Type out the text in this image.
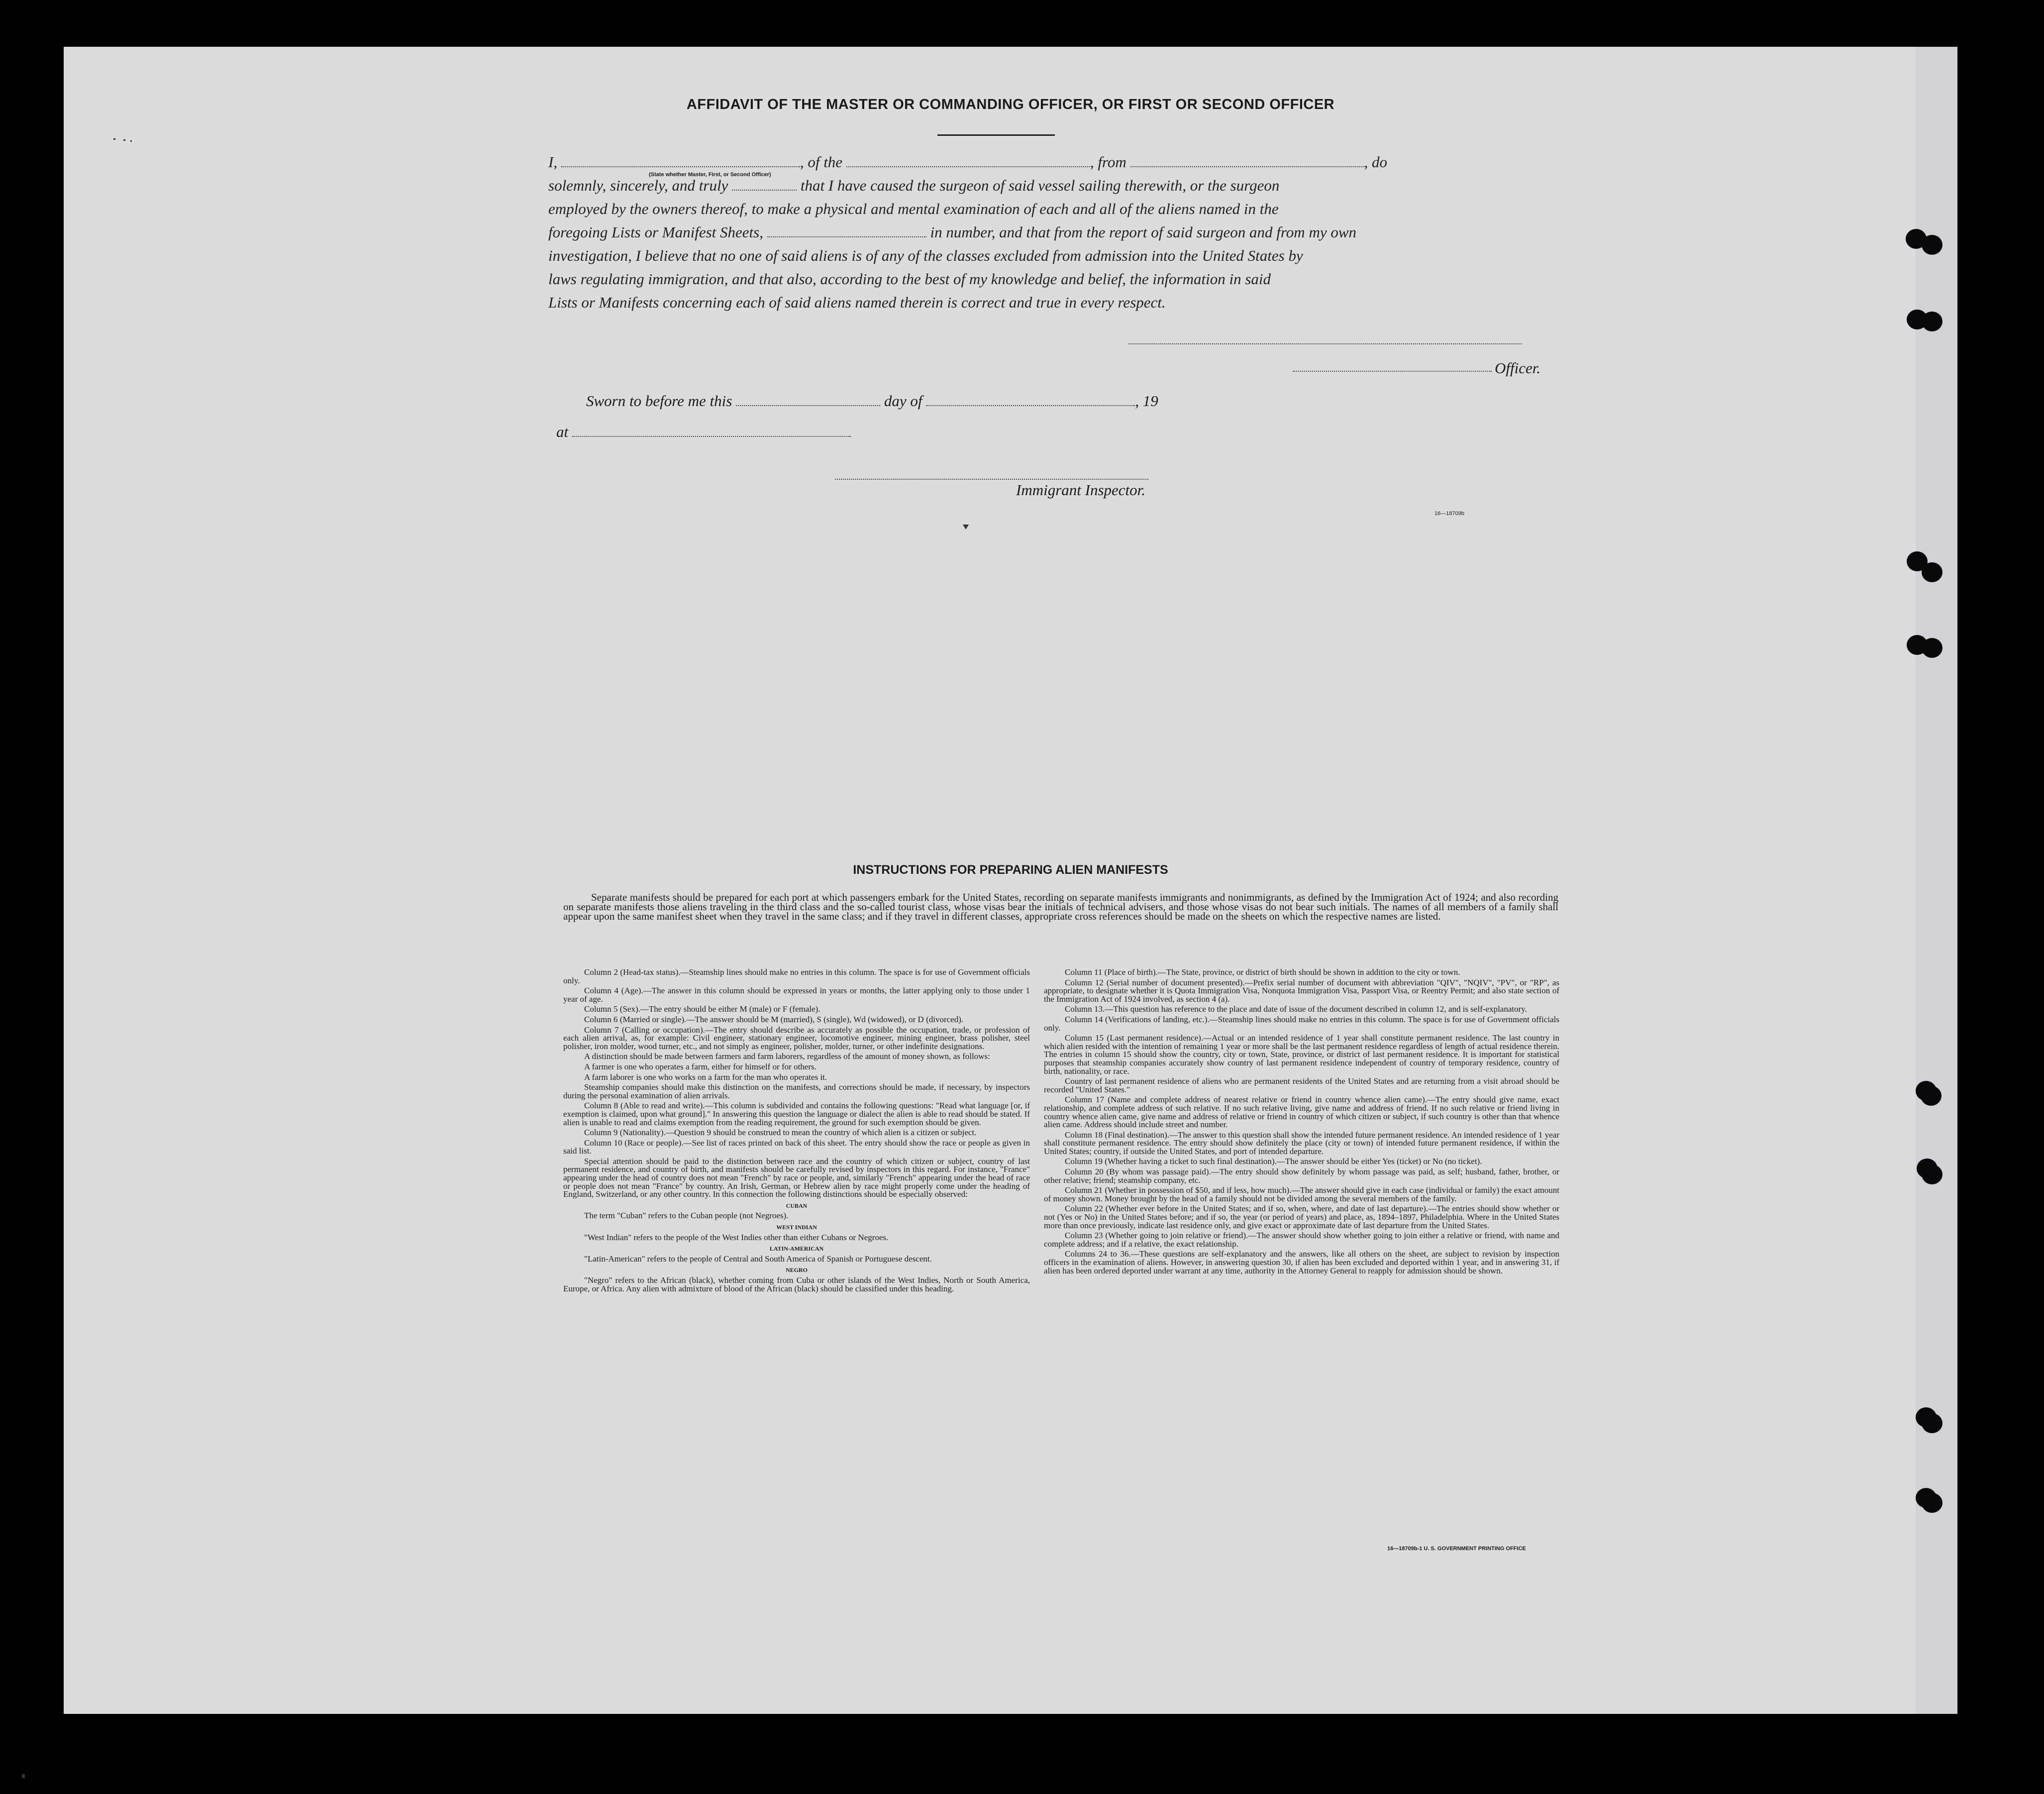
AFFIDAVIT OF THE MASTER OR COMMANDING OFFICER, OR FIRST OR SECOND OFFICER

I,	, of the	, from	, do

solemnly, sincerely, and truly	that I have caused the surgeon of said vessel sailing therewith, or the surgeon

employed by the owners thereof, to make a physical and mental examination of each and all of the aliens named in the

foregoing Lists or Manifest Sheets,	in number, and that from the report of said surgeon and from my own

investigation, I believe that no one of said aliens is of any of the classes excluded from admission into the United States by

laws regulating immigration, and that also, according to the best of my knowledge and belief, the information in said

Lists or Manifests concerning each of said aliens named therein is correct and true in every respect.

(State whether Master, First, or Second Officer)
Officer.
Sworn to before me this	day of	, 19
at
Immigrant Inspector.
16—18709b
INSTRUCTIONS FOR PREPARING ALIEN MANIFESTS

Separate manifests should be prepared for each port at which passengers embark for the United States, recording on separate manifests immigrants and nonimmigrants, as defined by the Immigration Act of 1924; and also recording on separate manifests those aliens traveling in the third class and the so-called tourist class, whose visas bear the initials of technical advisers, and those whose visas do not bear such initials. The names of all members of a family shall appear upon the same manifest sheet when they travel in the same class; and if they travel in different classes, appropriate cross references should be made on the sheets on which the respective names are listed.

Column 2 (Head-tax status).—Steamship lines should make no entries in this column. The space is for use of Government officials only.

Column 4 (Age).—The answer in this column should be expressed in years or months, the latter applying only to those under 1 year of age.

Column 5 (Sex).—The entry should be either M (male) or F (female).

Column 6 (Married or single).—The answer should be M (married), S (single), Wd (widowed), or D (divorced).

Column 7 (Calling or occupation).—The entry should describe as accurately as possible the occupation, trade, or profession of each alien arrival, as, for example: Civil engineer, stationary engineer, locomotive engineer, mining engineer, brass polisher, steel polisher, iron molder, wood turner, etc., and not simply as engineer, polisher, molder, turner, or other indefinite designations.

A distinction should be made between farmers and farm laborers, regardless of the amount of money shown, as follows:

A farmer is one who operates a farm, either for himself or for others.

A farm laborer is one who works on a farm for the man who operates it.

Steamship companies should make this distinction on the manifests, and corrections should be made, if necessary, by inspectors during the personal examination of alien arrivals.

Column 8 (Able to read and write).—This column is subdivided and contains the following questions: "Read what language [or, if exemption is claimed, upon what ground]." In answering this question the language or dialect the alien is able to read should be stated. If alien is unable to read and claims exemption from the reading requirement, the ground for such exemption should be given.

Column 9 (Nationality).—Question 9 should be construed to mean the country of which alien is a citizen or subject.

Column 10 (Race or people).—See list of races printed on back of this sheet. The entry should show the race or people as given in said list.

Special attention should be paid to the distinction between race and the country of which citizen or subject, country of last permanent residence, and country of birth, and manifests should be carefully revised by inspectors in this regard. For instance, "France" appearing under the head of country does not mean "French" by race or people, and, similarly "French" appearing under the head of race or people does not mean "France" by country. An Irish, German, or Hebrew alien by race might properly come under the heading of England, Switzerland, or any other country. In this connection the following distinctions should be especially observed:

CUBAN

The term "Cuban" refers to the Cuban people (not Negroes).

WEST INDIAN

"West Indian" refers to the people of the West Indies other than either Cubans or Negroes.

LATIN-AMERICAN

"Latin-American" refers to the people of Central and South America of Spanish or Portuguese descent.

NEGRO

"Negro" refers to the African (black), whether coming from Cuba or other islands of the West Indies, North or South America, Europe, or Africa. Any alien with admixture of blood of the African (black) should be classified under this heading.

Column 11 (Place of birth).—The State, province, or district of birth should be shown in addition to the city or town.

Column 12 (Serial number of document presented).—Prefix serial number of document with abbreviation "QIV", "NQIV", "PV", or "RP", as appropriate, to designate whether it is Quota Immigration Visa, Nonquota Immigration Visa, Passport Visa, or Reentry Permit; and also state section of the Immigration Act of 1924 involved, as section 4 (a).

Column 13.—This question has reference to the place and date of issue of the document described in column 12, and is self-explanatory.

Column 14 (Verifications of landing, etc.).—Steamship lines should make no entries in this column. The space is for use of Government officials only.

Column 15 (Last permanent residence).—Actual or an intended residence of 1 year shall constitute permanent residence. The last country in which alien resided with the intention of remaining 1 year or more shall be the last permanent residence regardless of length of actual residence therein. The entries in column 15 should show the country, city or town, State, province, or district of last permanent residence. It is important for statistical purposes that steamship companies accurately show country of last permanent residence independent of country of temporary residence, country of birth, nationality, or race.

Country of last permanent residence of aliens who are permanent residents of the United States and are returning from a visit abroad should be recorded "United States."

Column 17 (Name and complete address of nearest relative or friend in country whence alien came).—The entry should give name, exact relationship, and complete address of such relative. If no such relative living, give name and address of friend. If no such relative or friend living in country whence alien came, give name and address of relative or friend in country of which citizen or subject, if such country is other than that whence alien came. Address should include street and number.

Column 18 (Final destination).—The answer to this question shall show the intended future permanent residence. An intended residence of 1 year shall constitute permanent residence. The entry should show definitely the place (city or town) of intended future permanent residence, if within the United States; country, if outside the United States, and port of intended departure.

Column 19 (Whether having a ticket to such final destination).—The answer should be either Yes (ticket) or No (no ticket).

Column 20 (By whom was passage paid).—The entry should show definitely by whom passage was paid, as self; husband, father, brother, or other relative; friend; steamship company, etc.

Column 21 (Whether in possession of $50, and if less, how much).—The answer should give in each case (individual or family) the exact amount of money shown. Money brought by the head of a family should not be divided among the several members of the family.

Column 22 (Whether ever before in the United States; and if so, when, where, and date of last departure).—The entries should show whether or not (Yes or No) in the United States before; and if so, the year (or period of years) and place, as, 1894–1897, Philadelphia. Where in the United States more than once previously, indicate last residence only, and give exact or approximate date of last departure from the United States.

Column 23 (Whether going to join relative or friend).—The answer should show whether going to join either a relative or friend, with name and complete address; and if a relative, the exact relationship.

Columns 24 to 36.—These questions are self-explanatory and the answers, like all others on the sheet, are subject to revision by inspection officers in the examination of aliens. However, in answering question 30, if alien has been excluded and deported within 1 year, and in answering 31, if alien has been ordered deported under warrant at any time, authority in the Attorney General to reapply for admission should be shown.

16—18709b-1 U. S. GOVERNMENT PRINTING OFFICE
